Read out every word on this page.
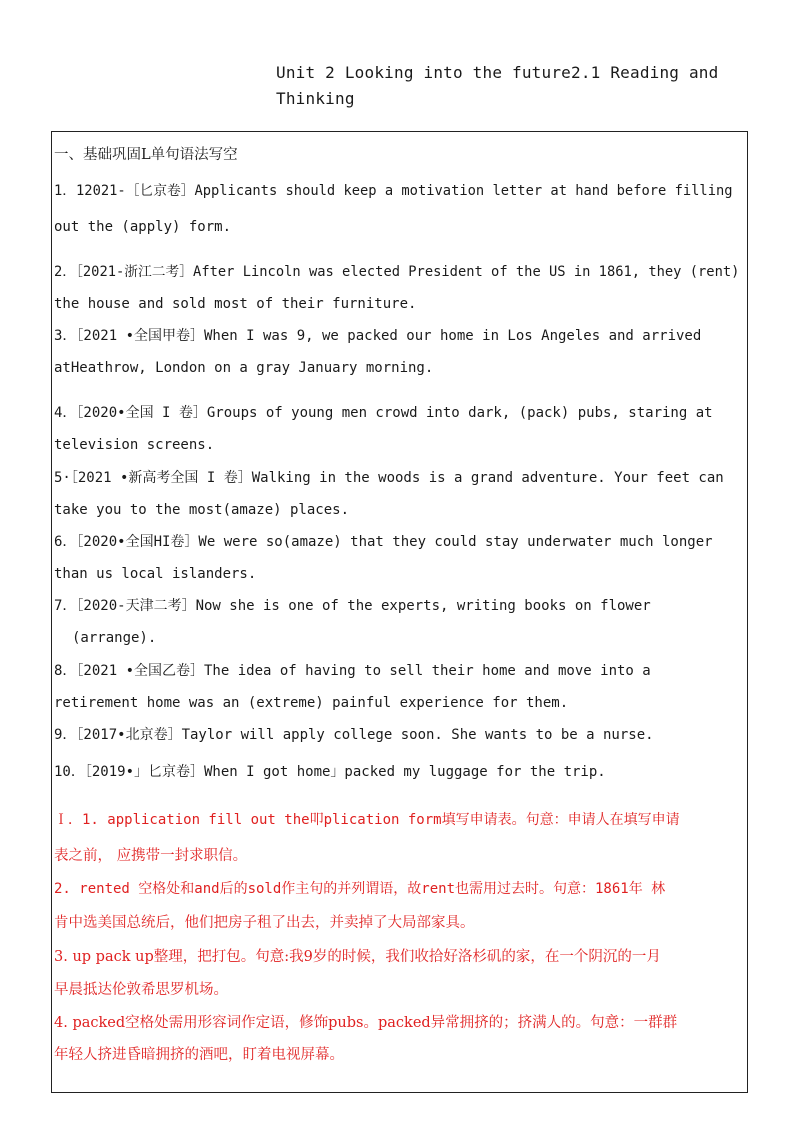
Unit 2 Looking into the future2.1 Reading and
Thinking
一、基础巩固L单句语法写空
1．12021-［匕京卷］Applicants should keep a motivation letter at hand before filling
out the (apply) form.
2．［2021-浙江二考］After Lincoln was elected President of the US in 1861, they (rent)
the house and sold most of their furniture.
3．［2021 •全国甲卷］When I was 9, we packed our home in Los Angeles and arrived
atHeathrow, London on a gray January morning.
4．［2020•全国 I 卷］Groups of young men crowd into dark, (pack) pubs, staring at
television screens.
5·［2021 •新高考全国 I 卷］Walking in the woods is a grand adventure. Your feet can
take you to the most(amaze) places.
6．［2020•全国HI卷］We were so(amaze) that they could stay underwater much longer
than us local islanders.
7．［2020-天津二考］Now she is one of the experts, writing books on flower
(arrange).
8．［2021 •全国乙卷］The idea of having to sell their home and move into a
retirement home was an (extreme) painful experience for them.
9．［2017•北京卷］Taylor will apply college soon. She wants to be a nurse.
10．［2019•」匕京卷］When I got home」packed my luggage for the trip.
Ｉ．1. application fill out the叩plication form填写申请表。句意：申请人在填写申请
表之前， 应携带一封求职信。
2. rented 空格处和and后的sold作主句的并列谓语，故rent也需用过去时。句意：1861年 林
肯中选美国总统后，他们把房子租了出去，并卖掉了大局部家具。
3. up pack up整理，把打包。句意:我9岁的时候，我们收拾好洛杉矶的家，在一个阴沉的一月
早晨抵达伦敦希思罗机场。
4. packed空格处需用形容词作定语，修饰pubs。packed异常拥挤的；挤满人的。句意：一群群
年轻人挤进昏暗拥挤的酒吧，盯着电视屏幕。
